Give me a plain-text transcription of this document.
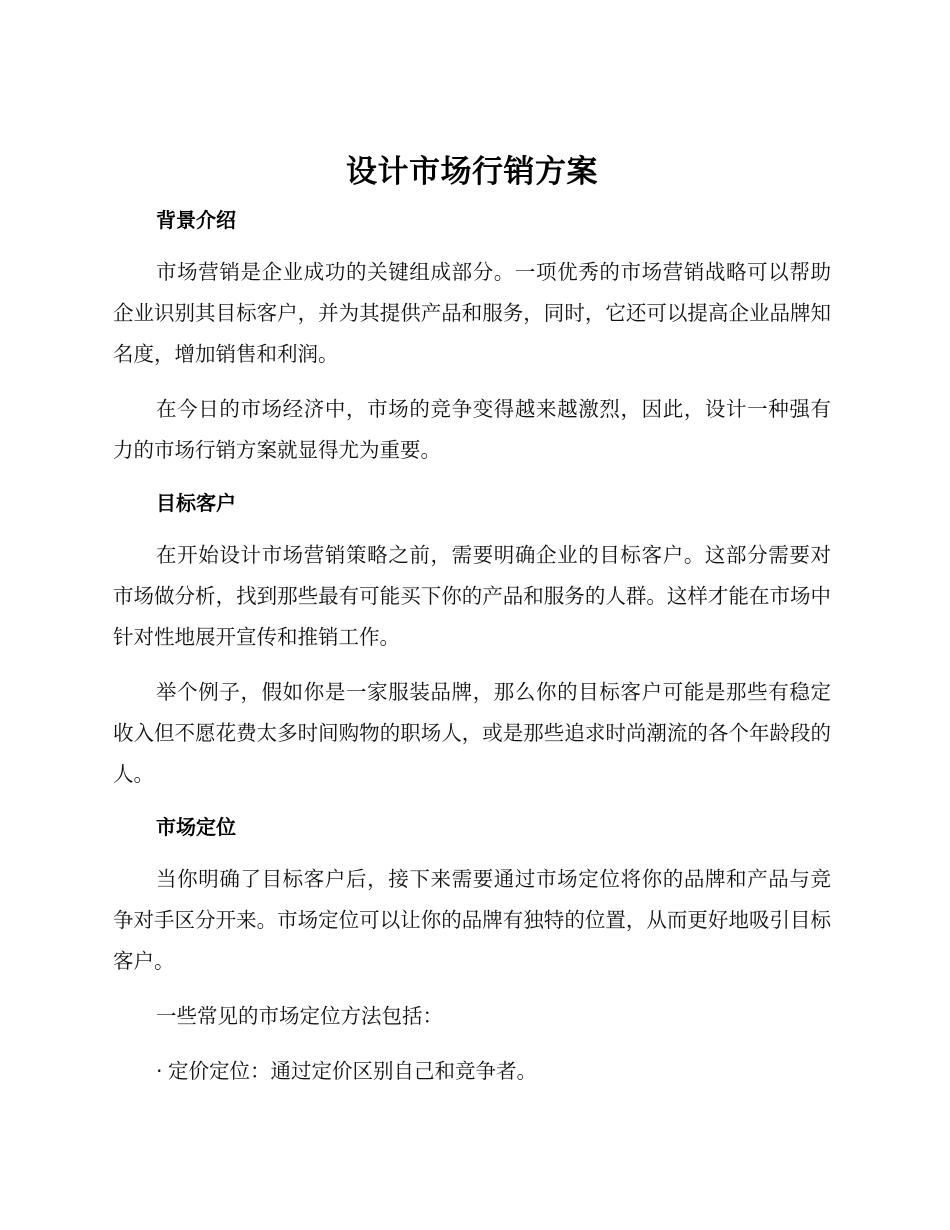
设计市场行销方案
背景介绍

市场营销是企业成功的关键组成部分。一项优秀的市场营销战略可以帮助企业识别其目标客户，并为其提供产品和服务，同时，它还可以提高企业品牌知名度，增加销售和利润。

在今日的市场经济中，市场的竞争变得越来越激烈，因此，设计一种强有力的市场行销方案就显得尤为重要。

目标客户

在开始设计市场营销策略之前，需要明确企业的目标客户。这部分需要对市场做分析，找到那些最有可能买下你的产品和服务的人群。这样才能在市场中针对性地展开宣传和推销工作。

举个例子，假如你是一家服装品牌，那么你的目标客户可能是那些有稳定收入但不愿花费太多时间购物的职场人，或是那些追求时尚潮流的各个年龄段的人。

市场定位

当你明确了目标客户后，接下来需要通过市场定位将你的品牌和产品与竞争对手区分开来。市场定位可以让你的品牌有独特的位置，从而更好地吸引目标客户。

一些常见的市场定位方法包括：

· 定价定位：通过定价区别自己和竞争者。
